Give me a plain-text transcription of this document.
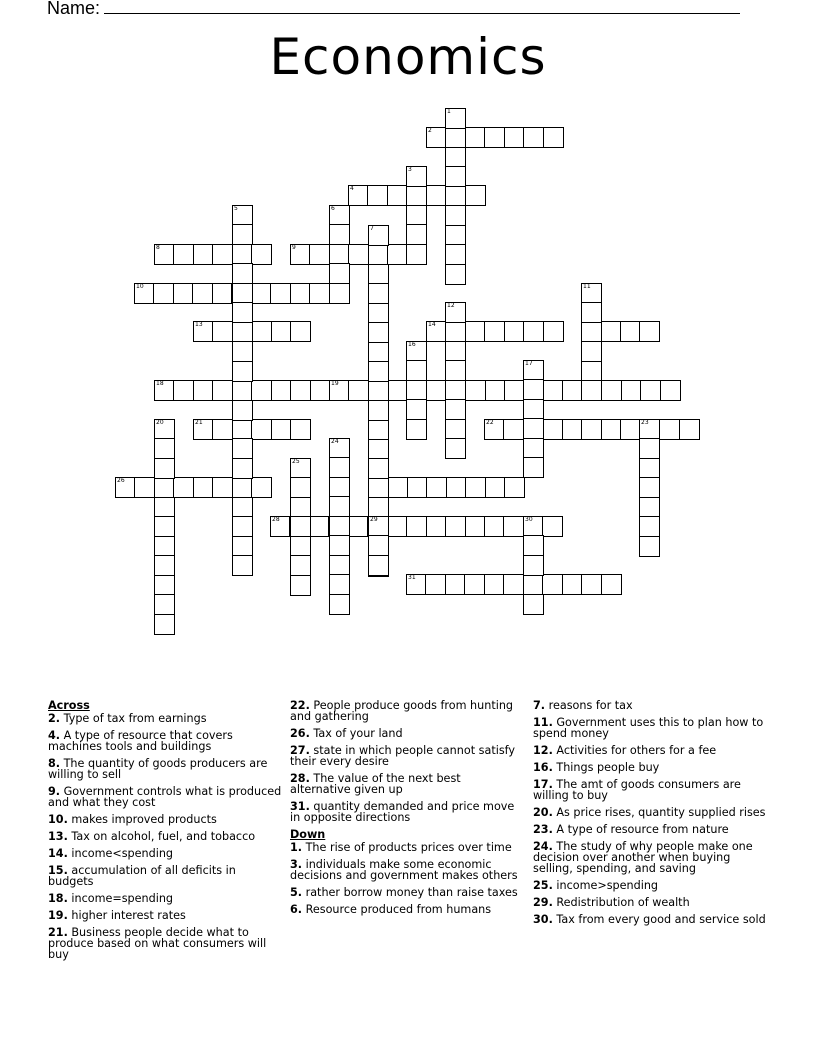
Name:
Economics
2
4
8	9
10
13	14
18	19
21	22
26
28	30
31
1
3
5	6
7
11
12
16
17
20	23
24
25
29
Across
2. Type of tax from earnings
4. A type of resource that covers machines tools and buildings
8. The quantity of goods producers are willing to sell
9. Government controls what is produced and what they cost
10. makes improved products
13. Tax on alcohol, fuel, and tobacco
14. income<spending
15. accumulation of all deficits in budgets
18. income=spending
19. higher interest rates
21. Business people decide what to produce based on what consumers will buy
22. People produce goods from hunting and gathering
26. Tax of your land
27. state in which people cannot satisfy their every desire
28. The value of the next best alternative given up
31. quantity demanded and price move in opposite directions
Down
1. The rise of products prices over time
3. individuals make some economic decisions and government makes others
5. rather borrow money than raise taxes
6. Resource produced from humans
7. reasons for tax
11. Government uses this to plan how to spend money
12. Activities for others for a fee
16. Things people buy
17. The amt of goods consumers are willing to buy
20. As price rises, quantity supplied rises
23. A type of resource from nature
24. The study of why people make one decision over another when buying selling, spending, and saving
25. income>spending
29. Redistribution of wealth
30. Tax from every good and service sold
